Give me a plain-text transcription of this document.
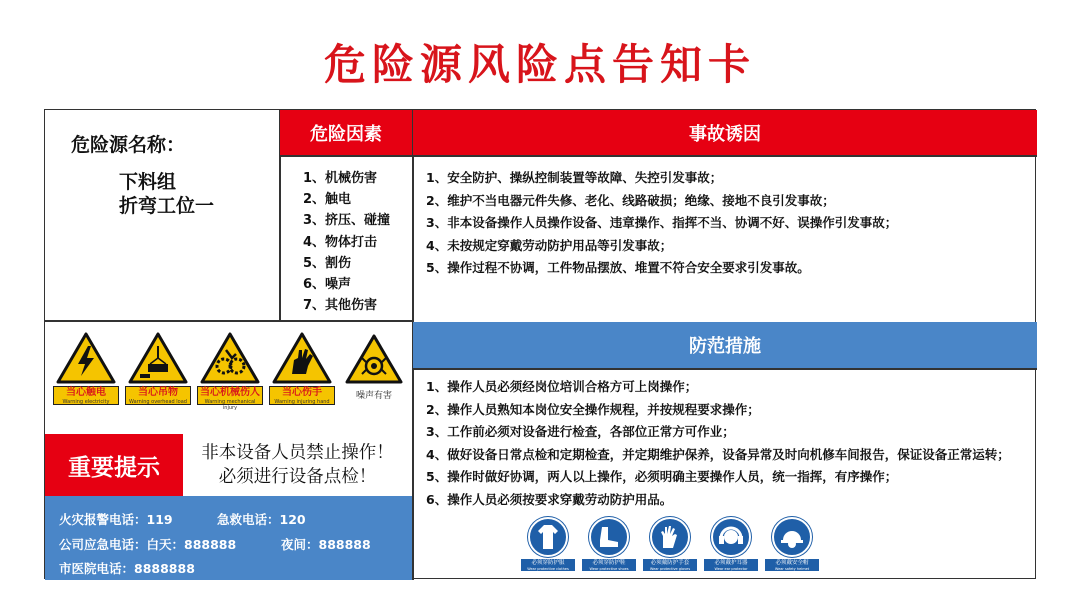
危险源风险点告知卡
危险源名称：
下料组
折弯工位一
危险因素
1、机械伤害
2、触电
3、挤压、碰撞
4、物体打击
5、割伤
6、噪声
7、其他伤害
事故诱因
1、安全防护、操纵控制装置等故障、失控引发事故；
2、维护不当电器元件失修、老化、线路破损；绝缘、接地不良引发事故；
3、非本设备操作人员操作设备、违章操作、指挥不当、协调不好、误操作引发事故；
4、未按规定穿戴劳动防护用品等引发事故；
5、操作过程不协调，工件物品摆放、堆置不符合安全要求引发事故。
当心触电
Warning electricity
当心吊物
Warning overhead load
当心机械伤人
Warning mechanical injury
当心伤手
Warning injuring hand
噪声有害
重要提示
非本设备人员禁止操作！
必须进行设备点检！
火灾报警电话：119	急救电话：120
公司应急电话：白天：888888	夜间：888888
市医院电话：8888888
防范措施
1、操作人员必须经岗位培训合格方可上岗操作；
2、操作人员熟知本岗位安全操作规程，并按规程要求操作；
3、工作前必须对设备进行检查，各部位正常方可作业；
4、做好设备日常点检和定期检查，并定期维护保养，设备异常及时向机修车间报告，保证设备正常运转；
5、操作时做好协调，两人以上操作，必须明确主要操作人员，统一指挥，有序操作；
6、操作人员必须按要求穿戴劳动防护用品。
必须穿防护服
Wear protective clothes
必须穿防护鞋
Wear protective shoes
必须戴防护手套
Wear protective gloves
必须戴护耳器
Wear ear protector
必须戴安全帽
Wear safety helmet
